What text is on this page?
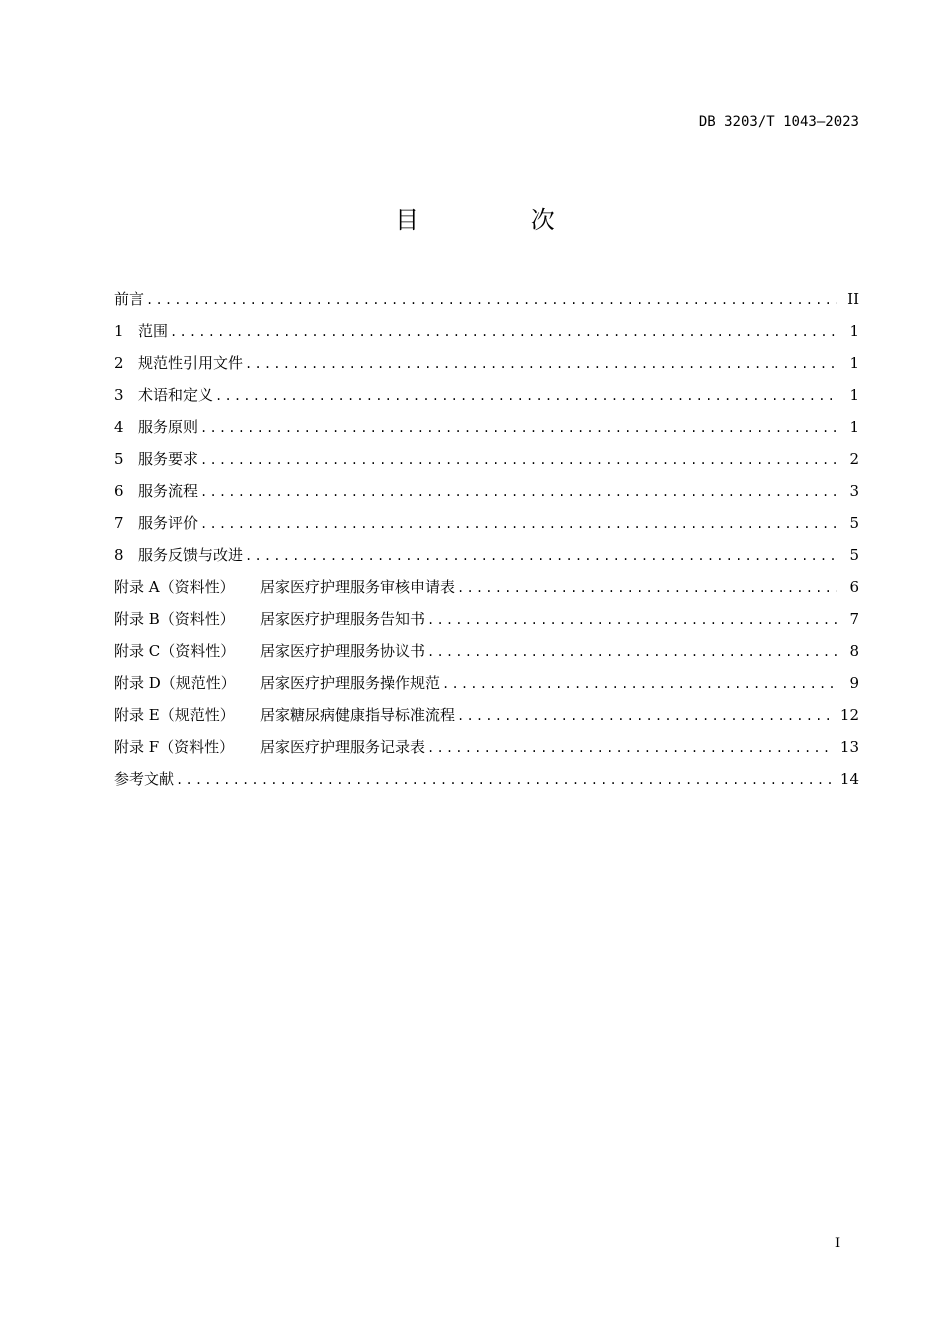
DB 3203/T 1043—2023
目 次
前言 .....	II
1 范围 .....	1
2 规范性引用文件 .....	1
3 术语和定义 .....	1
4 服务原则 .....	1
5 服务要求 .....	2
6 服务流程 .....	3
7 服务评价 .....	5
8 服务反馈与改进 .....	5
附录 A（资料性）	居家医疗护理服务审核申请表 .....	6
附录 B（资料性）	居家医疗护理服务告知书 .....	7
附录 C（资料性）	居家医疗护理服务协议书 .....	8
附录 D（规范性）	居家医疗护理服务操作规范 .....	9
附录 E（规范性）	居家糖尿病健康指导标准流程 .....	12
附录 F（资料性）	居家医疗护理服务记录表 .....	13
参考文献 .....	14
I
